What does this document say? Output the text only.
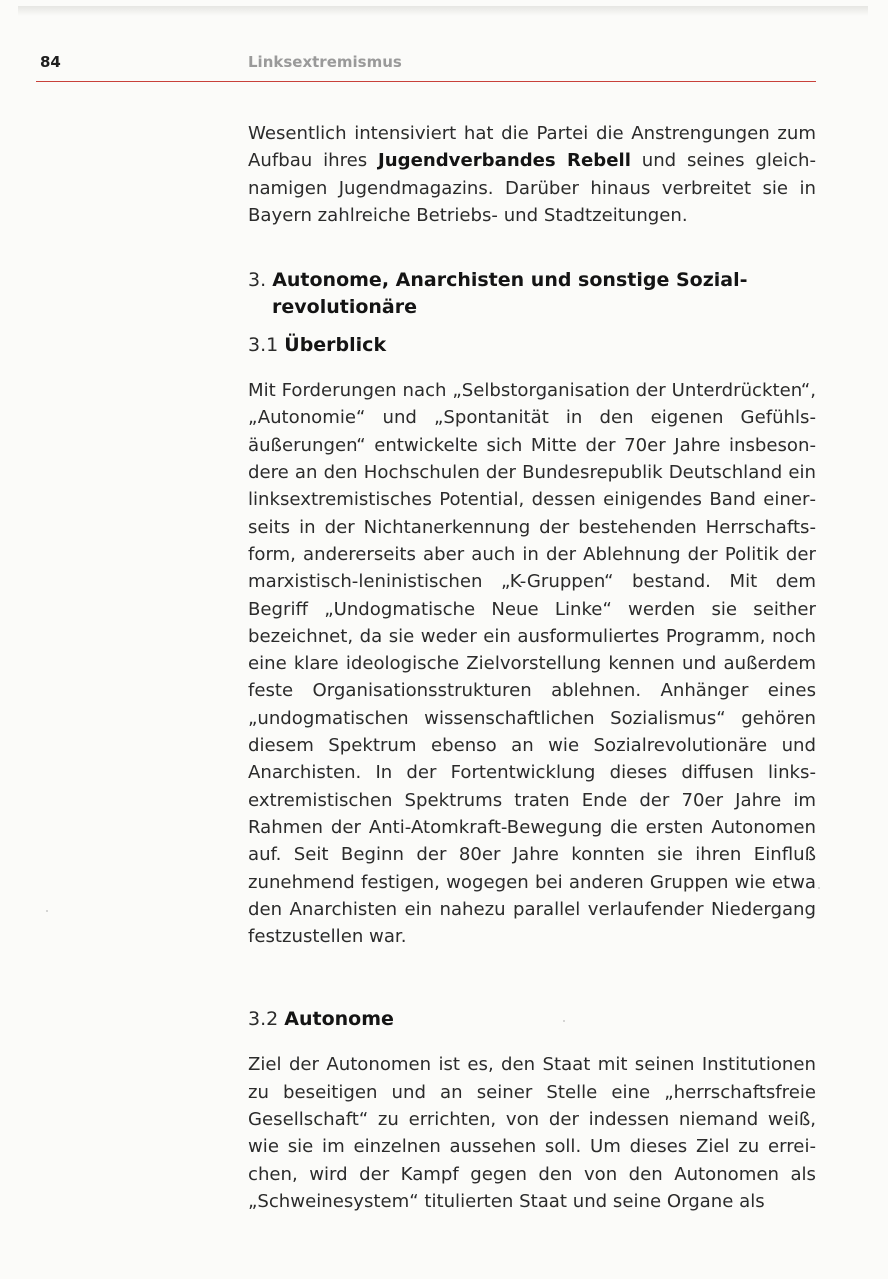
84	Linksextremismus

Wesentlich intensiviert hat die Partei die Anstrengungen zum Aufbau ihres Jugendverbandes Rebell und seines gleichnamigen Jugendmagazins. Darüber hinaus verbreitet sie in Bayern zahlreiche Betriebs- und Stadtzeitungen.

3. Autonome, Anarchisten und sonstige Sozialrevolutionäre
3.1 Überblick

Mit Forderungen nach „Selbstorganisation der Unterdrückten“, „Autonomie“ und „Spontanität in den eigenen Gefühlsäußerungen“ entwickelte sich Mitte der 70er Jahre insbesondere an den Hochschulen der Bundesrepublik Deutschland ein linksextremistisches Potential, dessen einigendes Band einerseits in der Nichtanerkennung der bestehenden Herrschaftsform, andererseits aber auch in der Ablehnung der Politik der marxistisch-leninistischen „K-Gruppen“ bestand. Mit dem Begriff „Undogmatische Neue Linke“ werden sie seither bezeichnet, da sie weder ein ausformuliertes Programm, noch eine klare ideologische Zielvorstellung kennen und außerdem feste Organisationsstrukturen ablehnen. Anhänger eines „undogmatischen wissenschaftlichen Sozialismus“ gehören diesem Spektrum ebenso an wie Sozialrevolutionäre und Anarchisten. In der Fortentwicklung dieses diffusen linksextremistischen Spektrums traten Ende der 70er Jahre im Rahmen der Anti-Atomkraft-Bewegung die ersten Autonomen auf. Seit Beginn der 80er Jahre konnten sie ihren Einfluß zunehmend festigen, wogegen bei anderen Gruppen wie etwa den Anarchisten ein nahezu parallel verlaufender Niedergang festzustellen war.

3.2 Autonome

Ziel der Autonomen ist es, den Staat mit seinen Institutionen zu beseitigen und an seiner Stelle eine „herrschaftsfreie Gesellschaft“ zu errichten, von der indessen niemand weiß, wie sie im einzelnen aussehen soll. Um dieses Ziel zu erreichen, wird der Kampf gegen den von den Autonomen als „Schweinesystem“ titulierten Staat und seine Organe als
